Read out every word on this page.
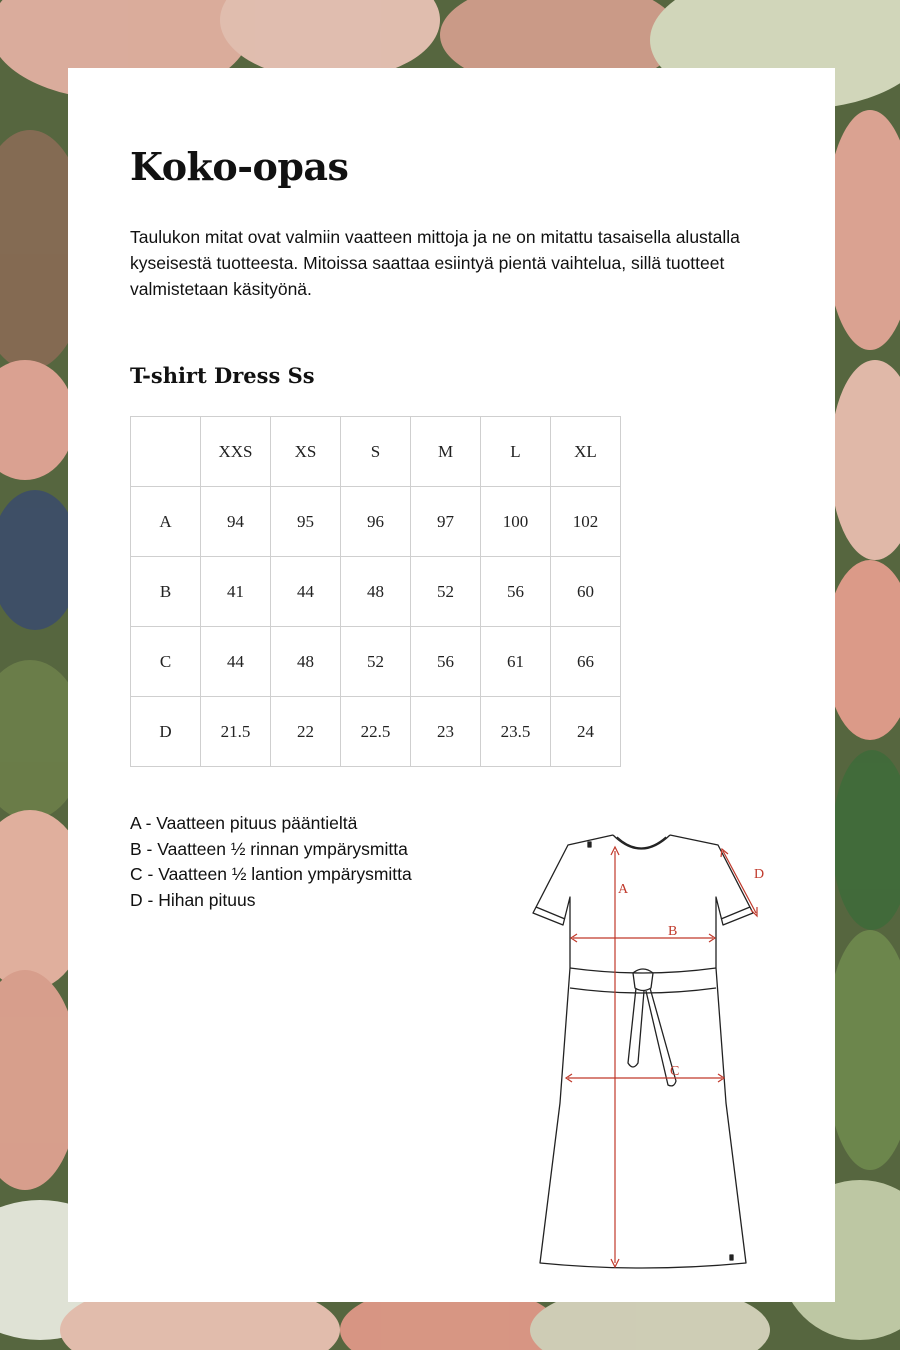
Koko-opas

Taulukon mitat ovat valmiin vaatteen mittoja ja ne on mitattu tasaisella alustalla kyseisestä tuotteesta. Mitoissa saattaa esiintyä pientä vaihtelua, sillä tuotteet valmistetaan käsityönä.

T-shirt Dress Ss
	XXS	XS	S	M	L	XL
A	94	95	96	97	100	102
B	41	44	48	52	56	60
C	44	48	52	56	61	66
D	21.5	22	22.5	23	23.5	24
A - Vaatteen pituus pääntieltä
B - Vaatteen ½ rinnan ympärysmitta
C - Vaatteen ½ lantion ympärysmitta
D - Hihan pituus	A
B
C
D
